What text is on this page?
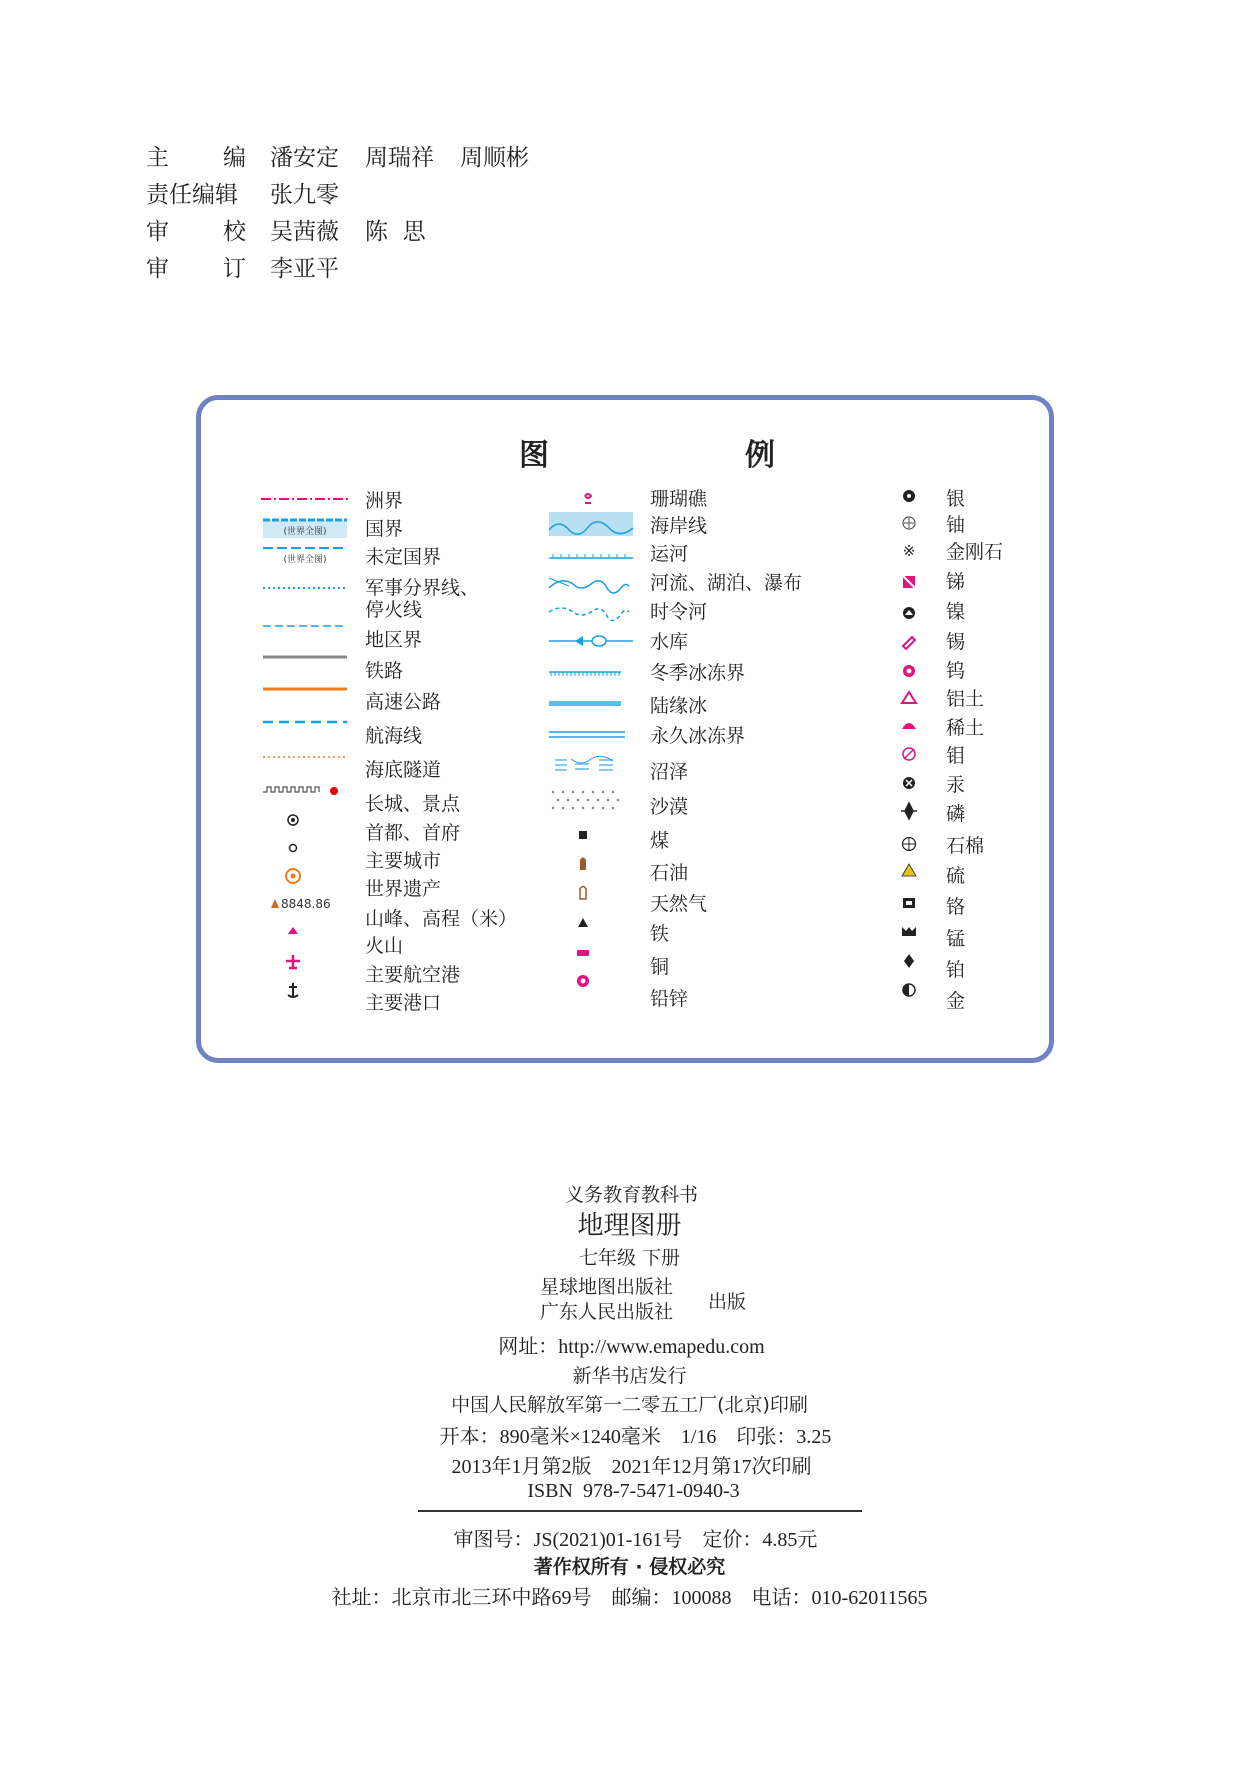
主 编 潘安定 周瑞祥 周顺彬
责任编辑 张九零
审 校 吴茜薇 陈  思
审 订 李亚平
图	例
(世界全图)
(世界全图)
8848.86
洲界
国界
未定国界
军事分界线、
停火线
地区界
铁路
高速公路
航海线
海底隧道
长城、景点
首都、首府
主要城市
世界遗产
山峰、高程（米）
火山
主要航空港
主要港口
珊瑚礁
海岸线
运河
河流、湖泊、瀑布
时令河
水库
冬季冰冻界
陆缘冰
永久冰冻界
沼泽
沙漠
煤
石油
天然气
铁
铜
铅锌
※
银
铀
金刚石
锑
镍
锡
钨
铝土
稀土
钼
汞
磷
石棉
硫
铬
锰
铂
金
义务教育教科书
地理图册
七年级 下册
星球地图出版社
广东人民出版社 出版
网址：http://www.emapedu.com
新华书店发行
中国人民解放军第一二零五工厂(北京)印刷
开本：890毫米×1240毫米    1/16    印张：3.25
2013年1月第2版    2021年12月第17次印刷
ISBN  978-7-5471-0940-3
审图号：JS(2021)01-161号    定价：4.85元
著作权所有 · 侵权必究
社址：北京市北三环中路69号    邮编：100088    电话：010-62011565
